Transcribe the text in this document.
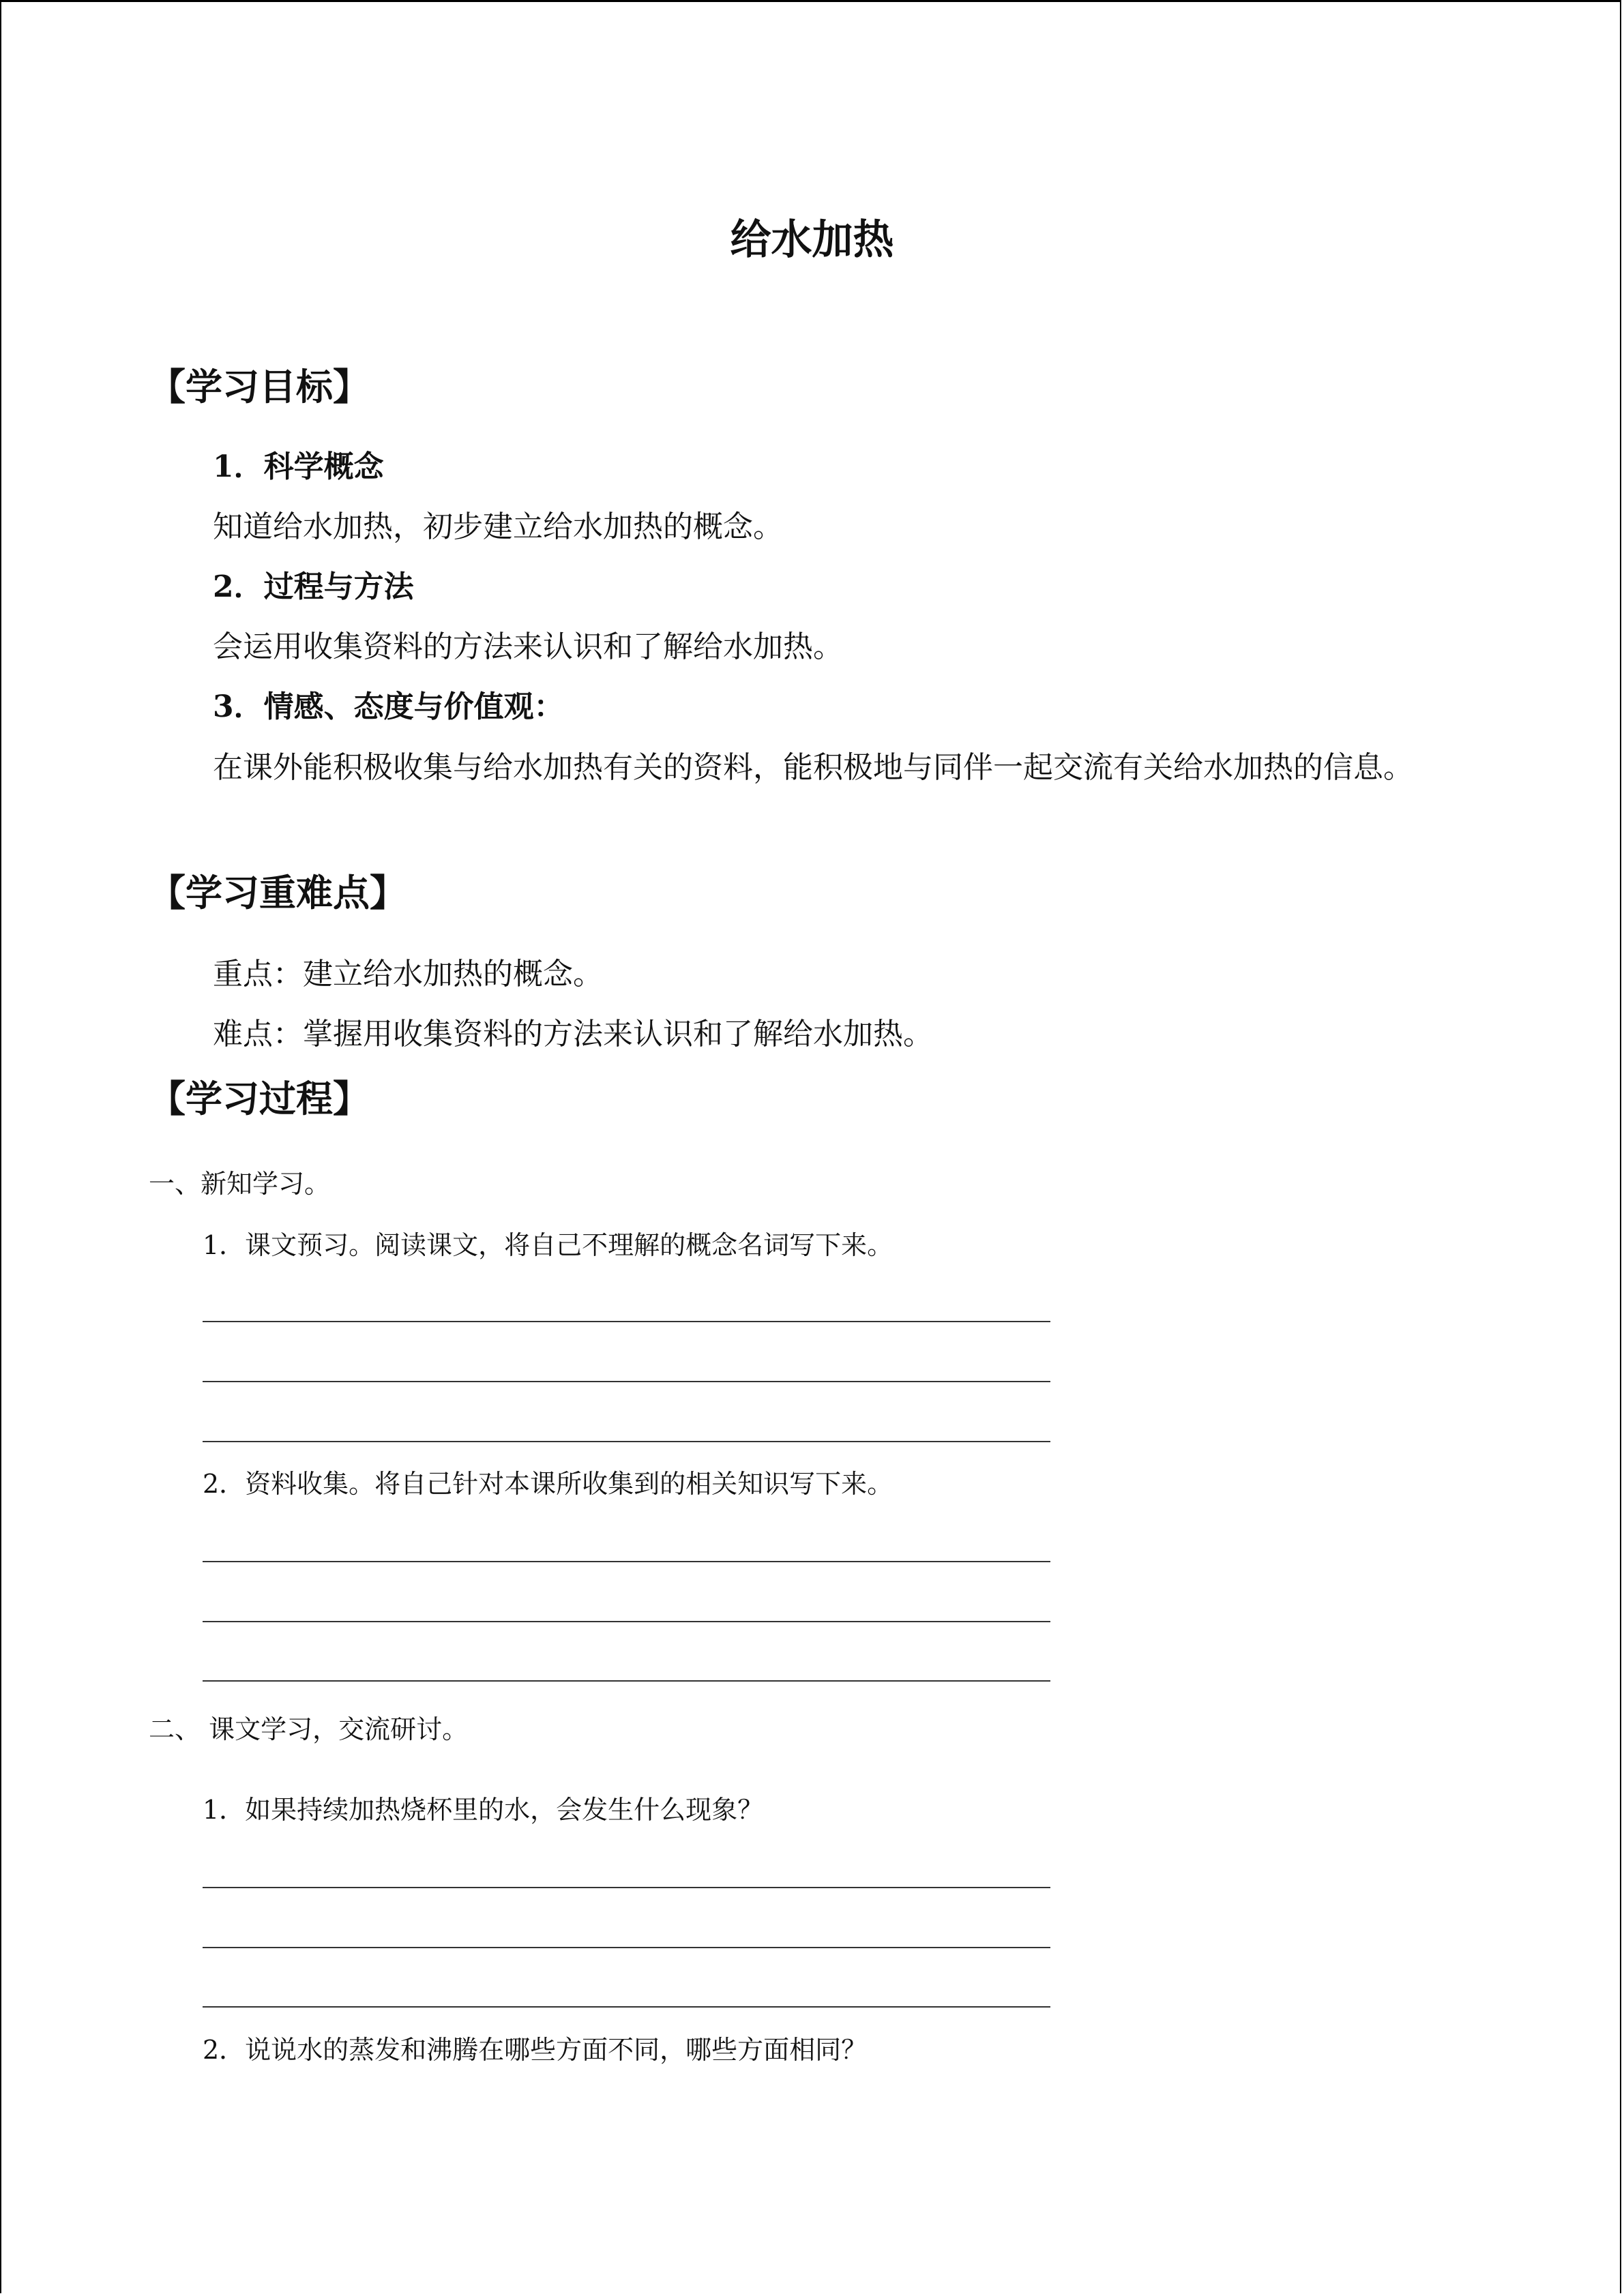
给水加热
【学习目标】
1．科学概念
知道给水加热，初步建立给水加热的概念。
2．过程与方法
会运用收集资料的方法来认识和了解给水加热。
3．情感、态度与价值观：
在课外能积极收集与给水加热有关的资料，能积极地与同伴一起交流有关给水加热的信息。
【学习重难点】
重点：建立给水加热的概念。
难点：掌握用收集资料的方法来认识和了解给水加热。
【学习过程】
一、新知学习。
1．课文预习。阅读课文，将自己不理解的概念名词写下来。
2．资料收集。将自己针对本课所收集到的相关知识写下来。
二、 课文学习，交流研讨。
1．如果持续加热烧杯里的水，会发生什么现象？
2．说说水的蒸发和沸腾在哪些方面不同，哪些方面相同？
